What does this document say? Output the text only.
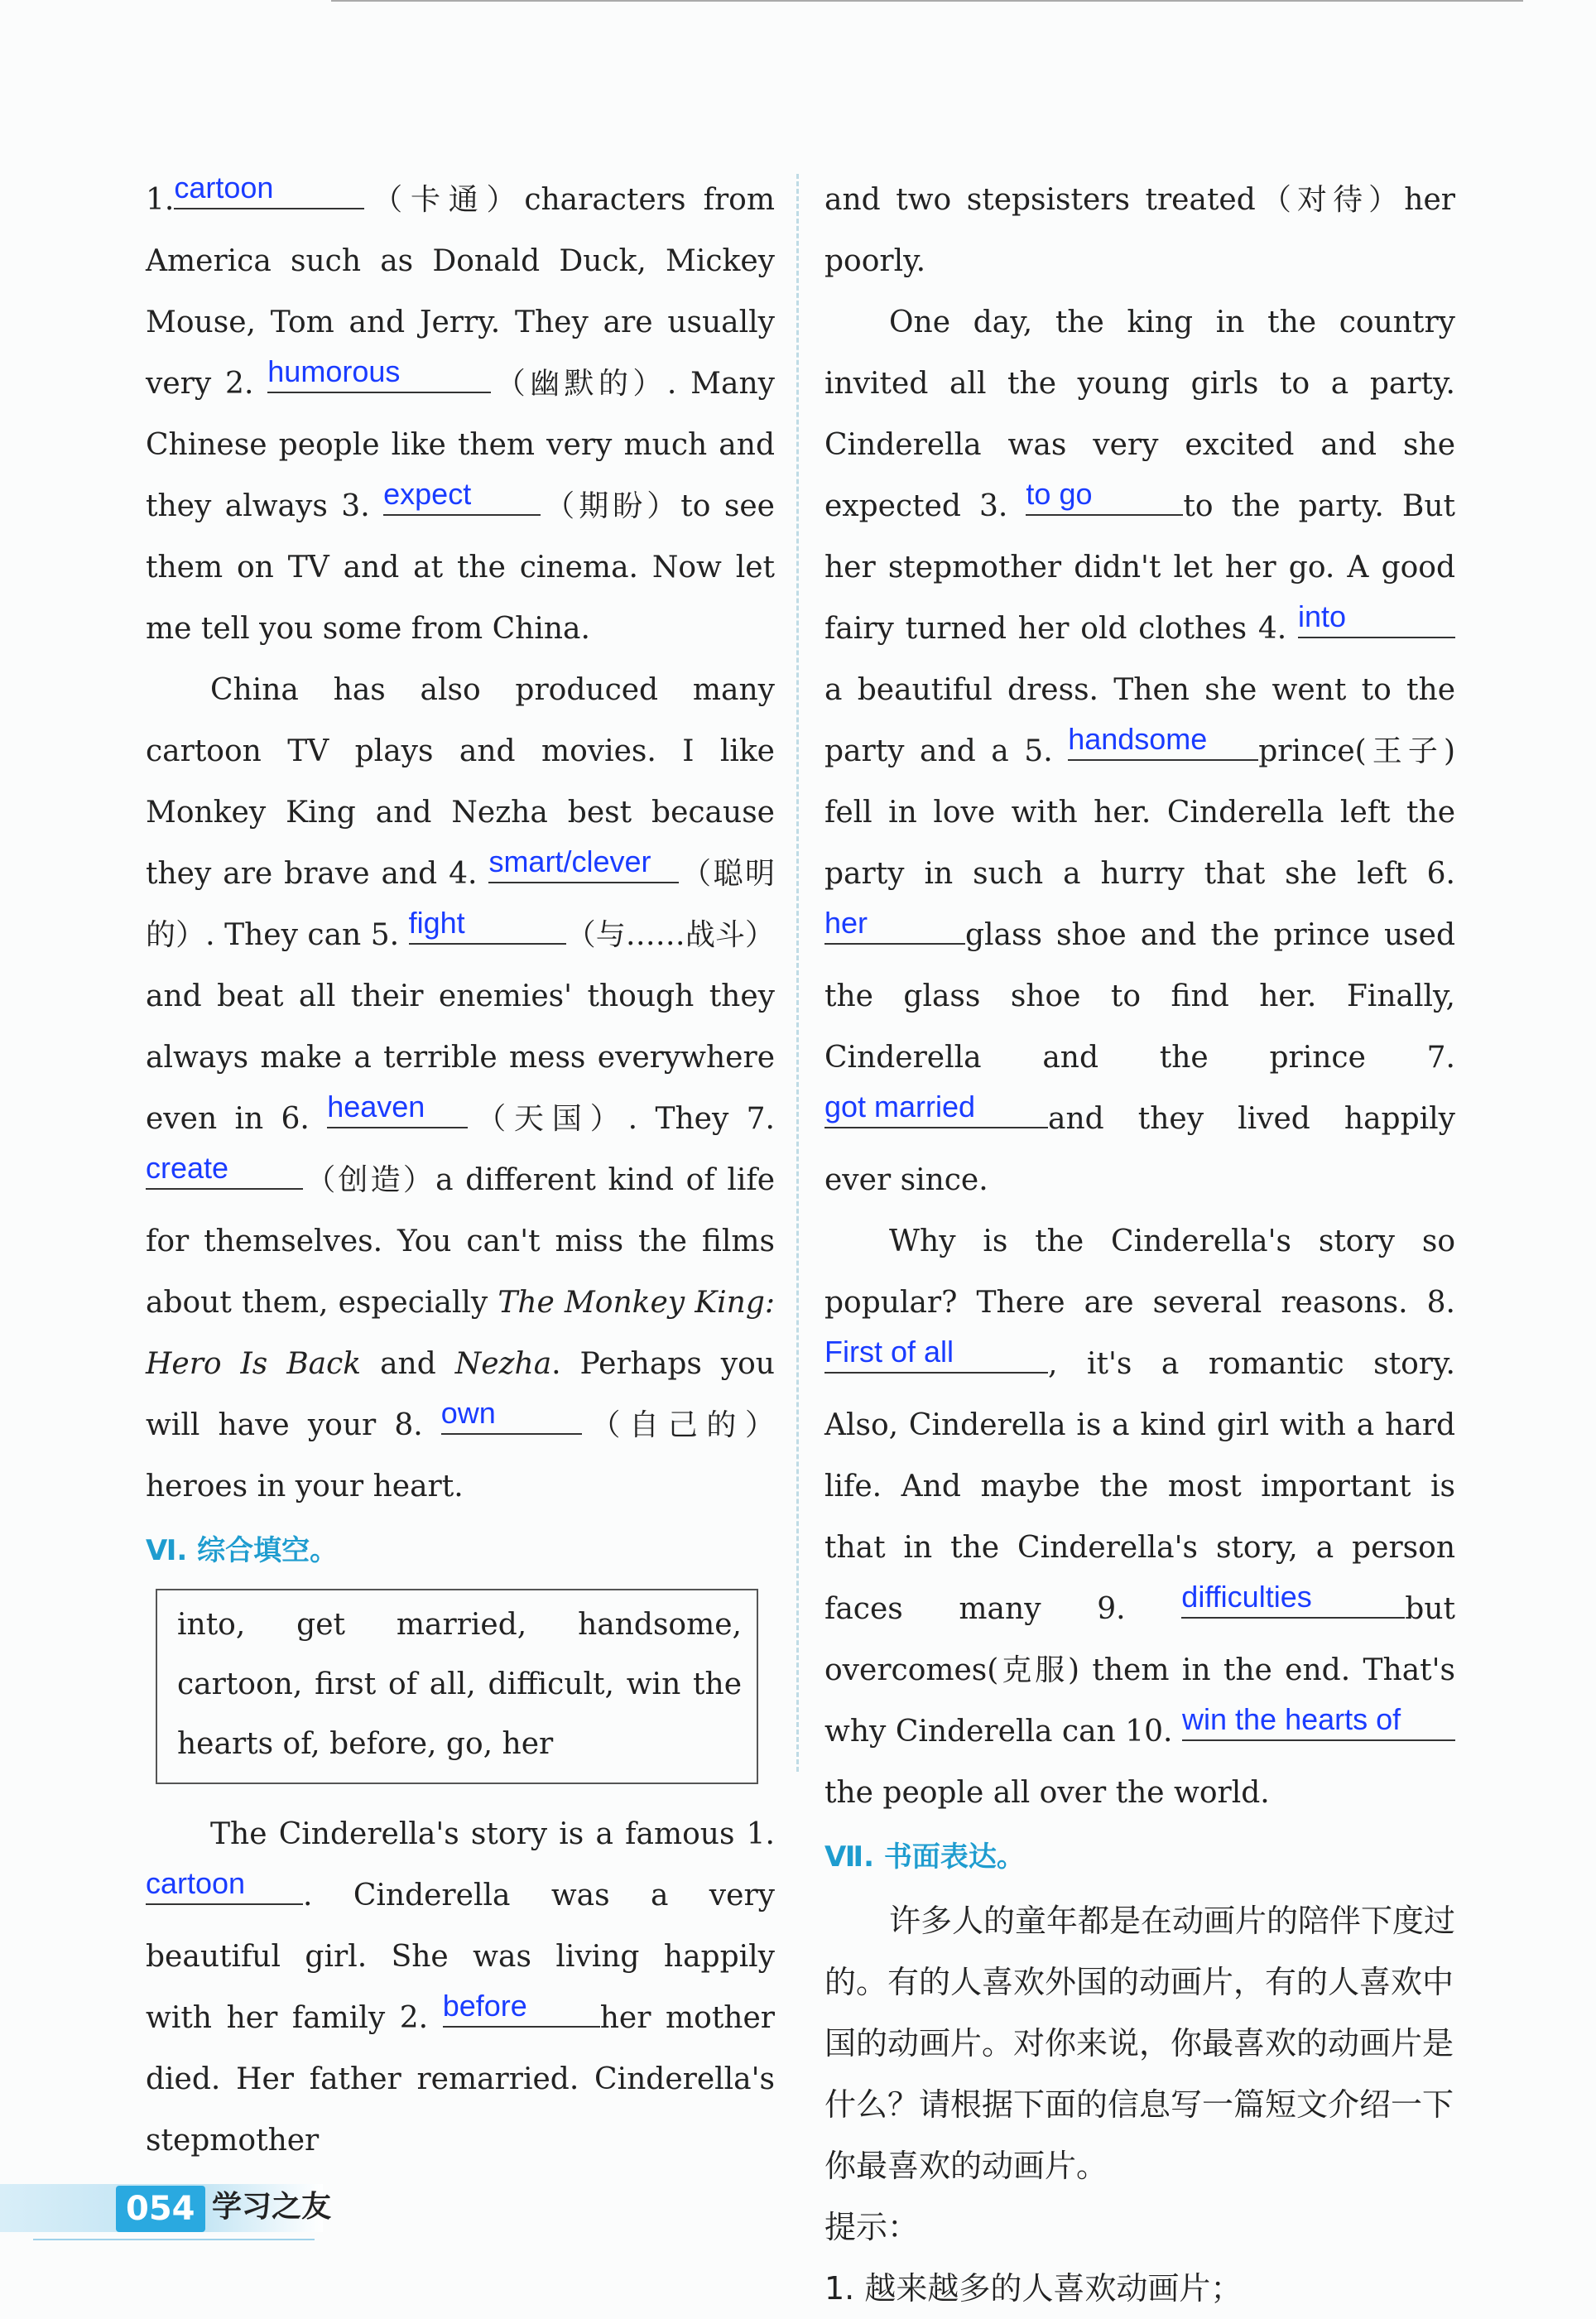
1. cartoon	（卡通）characters from America such as Donald Duck, Mickey Mouse, Tom and Jerry. They are usually very 2. humorous	（幽默的）. Many Chinese people like them very much and they always 3. expect	（期盼）to see them on TV and at the cinema. Now let me tell you some from China.

China has also produced many cartoon TV plays and movies. I like Monkey King and Nezha best because they are brave and 4. smart/clever （聪明的）. They can 5. fight	（与……战斗）and beat all their enemies' though they always make a terrible mess everywhere even in 6. heaven	（天国）. They 7.
create	（创造）a different kind of life for themselves. You can't miss the films about them, especially The Monkey King: Hero Is Back and Nezha. Perhaps you will have your 8. own	（自己的）heroes in your heart.

Ⅵ. 综合填空。

into, get married, handsome, cartoon, first of all, difficult, win the hearts of, before, go, her

The Cinderella's story is a famous 1.
cartoon	. Cinderella was a very beautiful girl. She was living happily with her family 2. before	her mother died. Her father remarried. Cinderella's stepmother

and two stepsisters treated（对待）her poorly.

One day, the king in the country invited all the young girls to a party. Cinderella was very excited and she expected 3. to go	to the party. But her stepmother didn't let her go. A good fairy turned her old clothes 4. into
a beautiful dress. Then she went to the party and a 5. handsome	prince(王子) fell in love with her. Cinderella left the party in such a hurry that she left 6.
her	glass shoe and the prince used the glass shoe to find her. Finally, Cinderella and the prince 7.
got married	and they lived happily ever since.

Why is the Cinderella's story so popular? There are several reasons. 8.
First of all	, it's a romantic story. Also, Cinderella is a kind girl with a hard life. And maybe the most important is that in the Cinderella's story, a person faces many 9. difficulties	but overcomes(克服) them in the end. That's why Cinderella can 10. win the hearts of
the people all over the world.

Ⅶ. 书面表达。

许多人的童年都是在动画片的陪伴下度过的。有的人喜欢外国的动画片，有的人喜欢中国的动画片。对你来说，你最喜欢的动画片是什么？请根据下面的信息写一篇短文介绍一下你最喜欢的动画片。

提示：

1. 越来越多的人喜欢动画片；

054 学习之友
